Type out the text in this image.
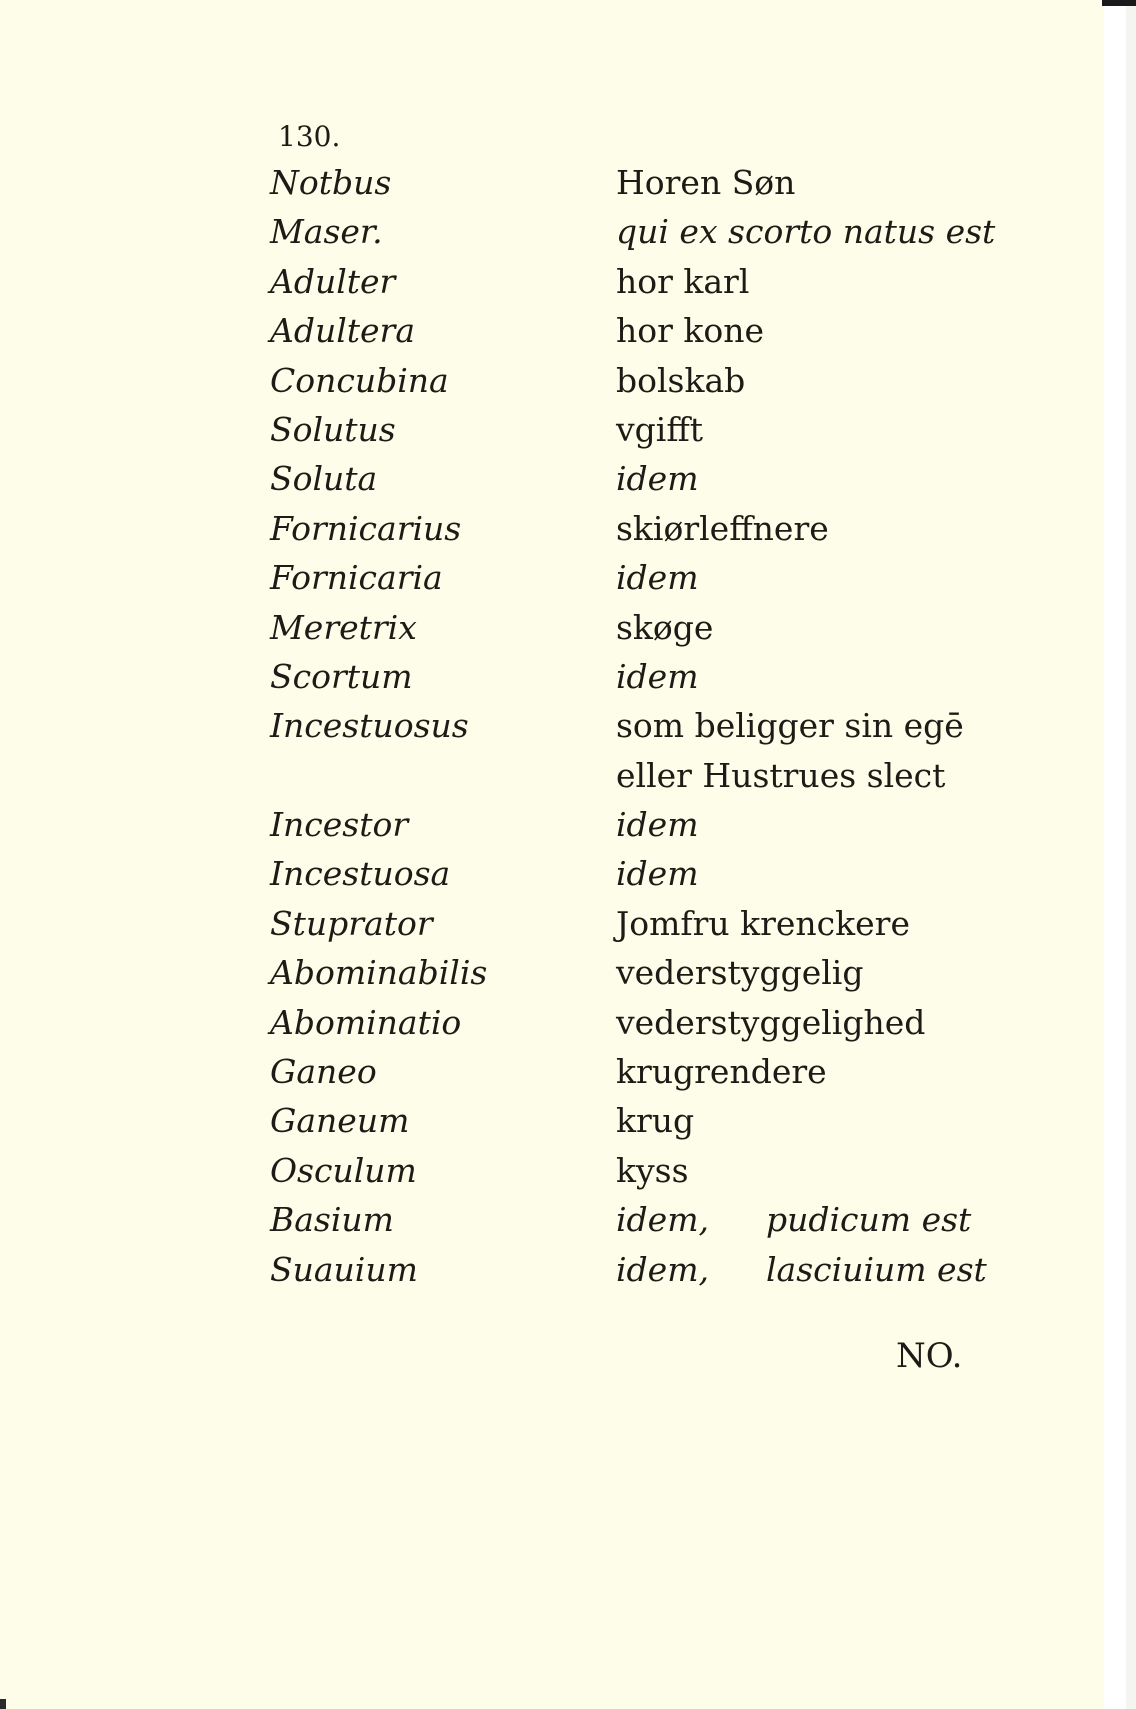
130.
Notbus	Horen Søn
Maser.	qui ex scorto natus est
Adulter	hor karl
Adultera	hor kone
Concubina	bolskab
Solutus	vgifft
Soluta	idem
Fornicarius	skiørleffnere
Fornicaria	idem
Meretrix	skøge
Scortum	idem
Incestuosus	som beligger sin egē
eller Hustrues slect
Incestor	idem
Incestuosa	idem
Stuprator	Jomfru krenckere
Abominabilis	vederstyggelig
Abominatio	vederstyggelighed
Ganeo	krugrendere
Ganeum	krug
Osculum	kyss
Basium	idem, pudicum est
Suauium	idem, lasciuium est
NO.
